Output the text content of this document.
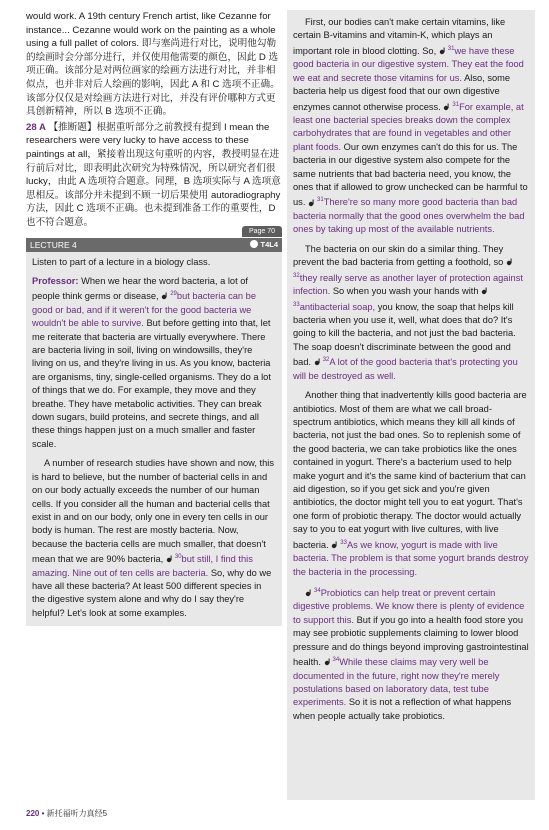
would work. A 19th century French artist, like Cezanne for instance... Cezanne would work on the painting as a whole using a full pallet of colors. 即与塞尚进行对比，说明他勾勒的绘画时会分部分进行，并仅使用他需要的颜色，因此 D 选项正确。该部分是对两位画家的绘画方法进行对比，并非相似点，也并非对后人绘画的影响，因此 A 和 C 选项不正确。该部分仅仅是对绘画方法进行对比，并没有评价哪种方式更具创新精神，所以 B 选项不正确。

28 A 【推断题】根据重听部分之前教授有提到 I mean the researchers were very lucky to have access to these paintings at all，紧接着出现这句重听的内容，教授明显在进行前后对比，即表明此次研究为特殊情况，所以研究者们很 lucky，由此 A 选项符合题意。同理，B 选项实际与 A 选项意思相反。该部分并未提到不顾一切后果使用 autoradiography 方法，因此 C 选项不正确。也未提到准备工作的重要性，D 也不符合题意。

LECTURE 4
Page 70
T4L4

Listen to part of a lecture in a biology class.

Professor: When we hear the word bacteria, a lot of people think germs or disease, $^{29}$but bacteria can be good or bad, and if it weren't for the good bacteria we wouldn't be able to survive. But before getting into that, let me reiterate that bacteria are virtually everywhere. There are bacteria living in soil, living on windowsills, they're living on us, and they're living in us. As you know, bacteria are organisms, tiny, single-celled organisms. They do a lot of things that we do. For example, they move and they breathe. They have metabolic activities. They can break down sugars, build proteins, and secrete things, and all these things happen just on a much smaller and faster scale.

A number of research studies have shown and now, this is hard to believe, but the number of bacterial cells in and on our body actually exceeds the number of our human cells. If you consider all the human and bacterial cells that exist in and on our body, only one in every ten cells in our body is human. The rest are mostly bacteria. Now, because the bacteria cells are much smaller, that doesn't mean that we are 90% bacteria, $^{30}$but still, I find this amazing. Nine out of ten cells are bacteria. So, why do we have all these bacteria? At least 500 different species in the digestive system alone and why do I say they're helpful? Let's look at some examples.

First, our bodies can't make certain vitamins, like certain B-vitamins and vitamin-K, which plays an important role in blood clotting. So, $^{31}$we have these good bacteria in our digestive system. They eat the food we eat and secrete those vitamins for us. Also, some bacteria help us digest food that our own digestive enzymes cannot otherwise process. $^{31}$For example, at least one bacterial species breaks down the complex carbohydrates that are found in vegetables and other plant foods. Our own enzymes can't do this for us. The bacteria in our digestive system also compete for the same nutrients that bad bacteria need, you know, the ones that if allowed to grow unchecked can be harmful to us. $^{31}$There're so many more good bacteria than bad bacteria normally that the good ones overwhelm the bad ones by taking up most of the available nutrients.

The bacteria on our skin do a similar thing. They prevent the bad bacteria from getting a foothold, so
$^{32}$they really serve as another layer of protection against infection. So when you wash your hands with
$^{33}$antibacterial soap, you know, the soap that helps kill bacteria when you use it, well, what does that do? It's going to kill the bacteria, and not just the bad bacteria. The soap doesn't discriminate between the good and bad. $^{32}$A lot of the good bacteria that's protecting you will be destroyed as well.

Another thing that inadvertently kills good bacteria are antibiotics. Most of them are what we call broad-spectrum antibiotics, which means they kill all kinds of bacteria, not just the bad ones. So to replenish some of the good bacteria, we can take probiotics like the ones contained in yogurt. There's a bacterium used to help make yogurt and it's the same kind of bacterium that can aid digestion, so if you get sick and you're given antibiotics, the doctor might tell you to eat yogurt. That's one form of probiotic therapy. The doctor would actually say to you to eat yogurt with live cultures, with live bacteria. $^{33}$As we know, yogurt is made with live bacteria. The problem is that some yogurt brands destroy the bacteria in the processing.

$^{34}$Probiotics can help treat or prevent certain digestive problems. We know there is plenty of evidence to support this. But if you go into a health food store you may see probiotic supplements claiming to lower blood pressure and do things beyond improving gastrointestinal health. $^{34}$While these claims may very well be documented in the future, right now they're merely postulations based on laboratory data, test tube experiments. So it is not a reflection of what happens when people actually take probiotics.

220 • 新托福听力真经5
